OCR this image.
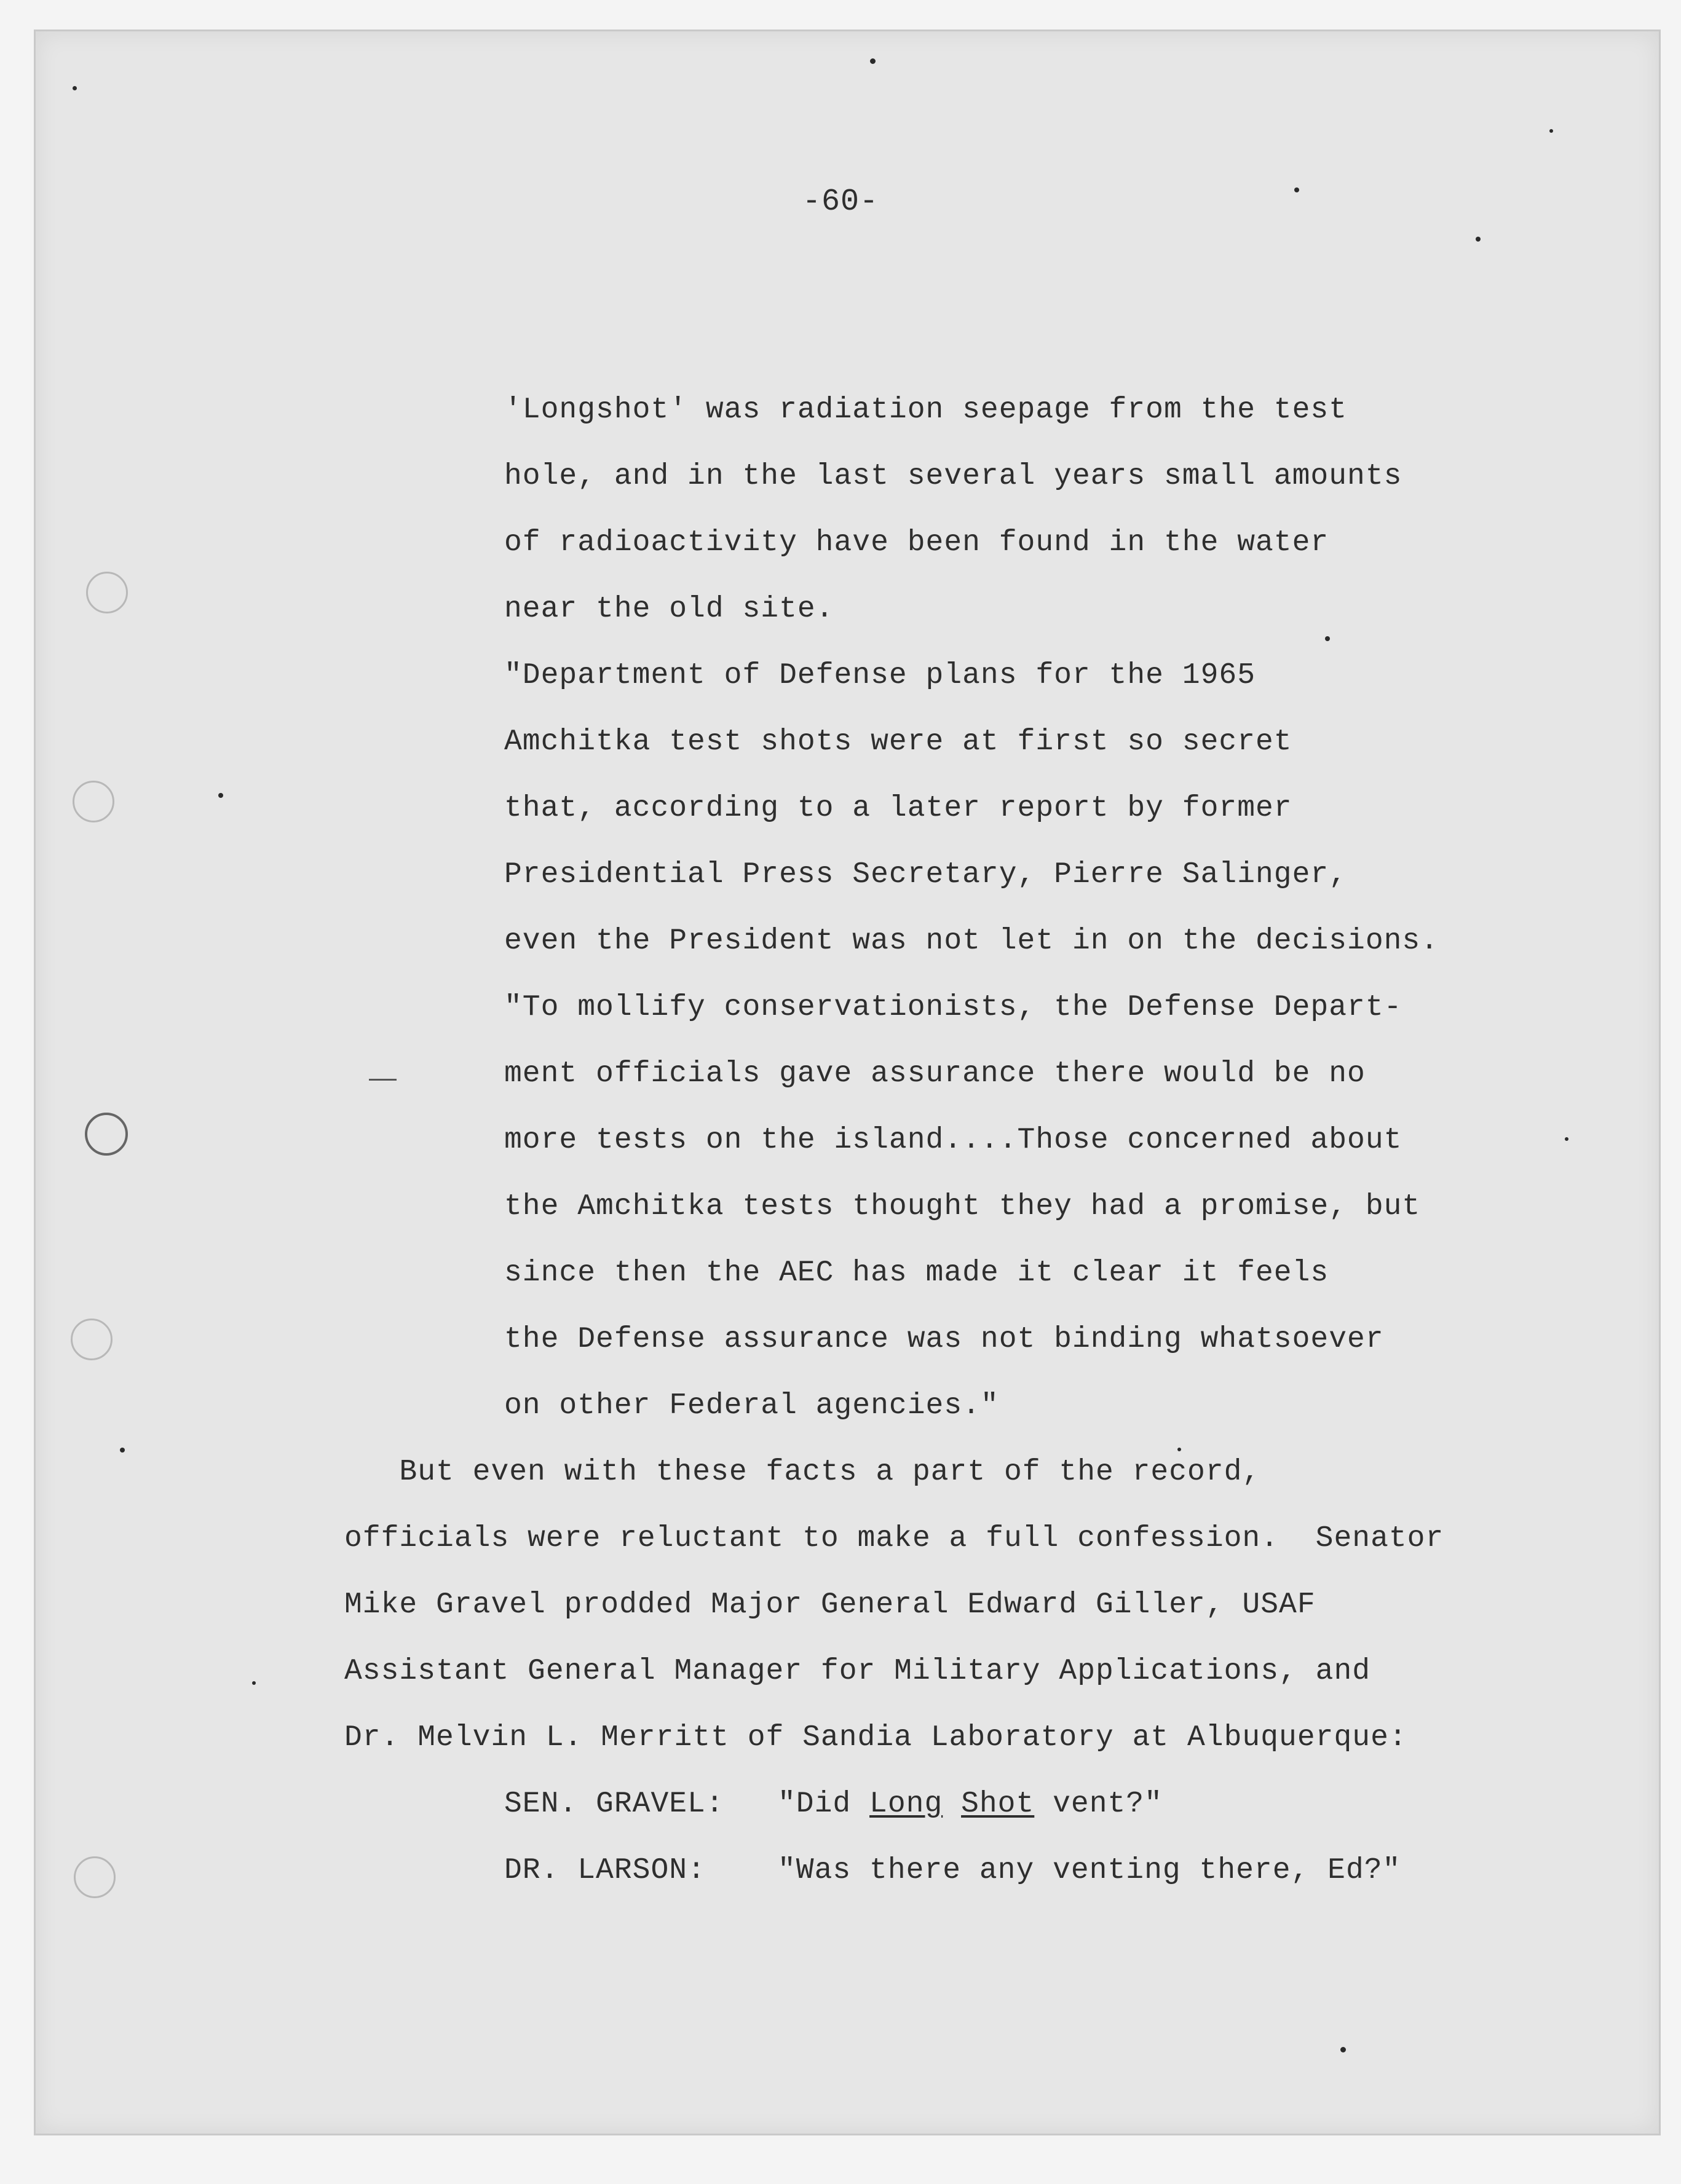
-60-
'Longshot' was radiation seepage from the test
hole, and in the last several years small amounts
of radioactivity have been found in the water
near the old site.
"Department of Defense plans for the 1965
Amchitka test shots were at first so secret
that, according to a later report by former
Presidential Press Secretary, Pierre Salinger,
even the President was not let in on the decisions.
"To mollify conservationists, the Defense Depart-
ment officials gave assurance there would be no
more tests on the island....Those concerned about
the Amchitka tests thought they had a promise, but
since then the AEC has made it clear it feels
the Defense assurance was not binding whatsoever
on other Federal agencies."
But even with these facts a part of the record,
officials were reluctant to make a full confession.  Senator
Mike Gravel prodded Major General Edward Giller, USAF
Assistant General Manager for Military Applications, and
Dr. Melvin L. Merritt of Sandia Laboratory at Albuquerque:
SEN. GRAVEL: "Did Long Shot vent?"
DR. LARSON: "Was there any venting there, Ed?"
